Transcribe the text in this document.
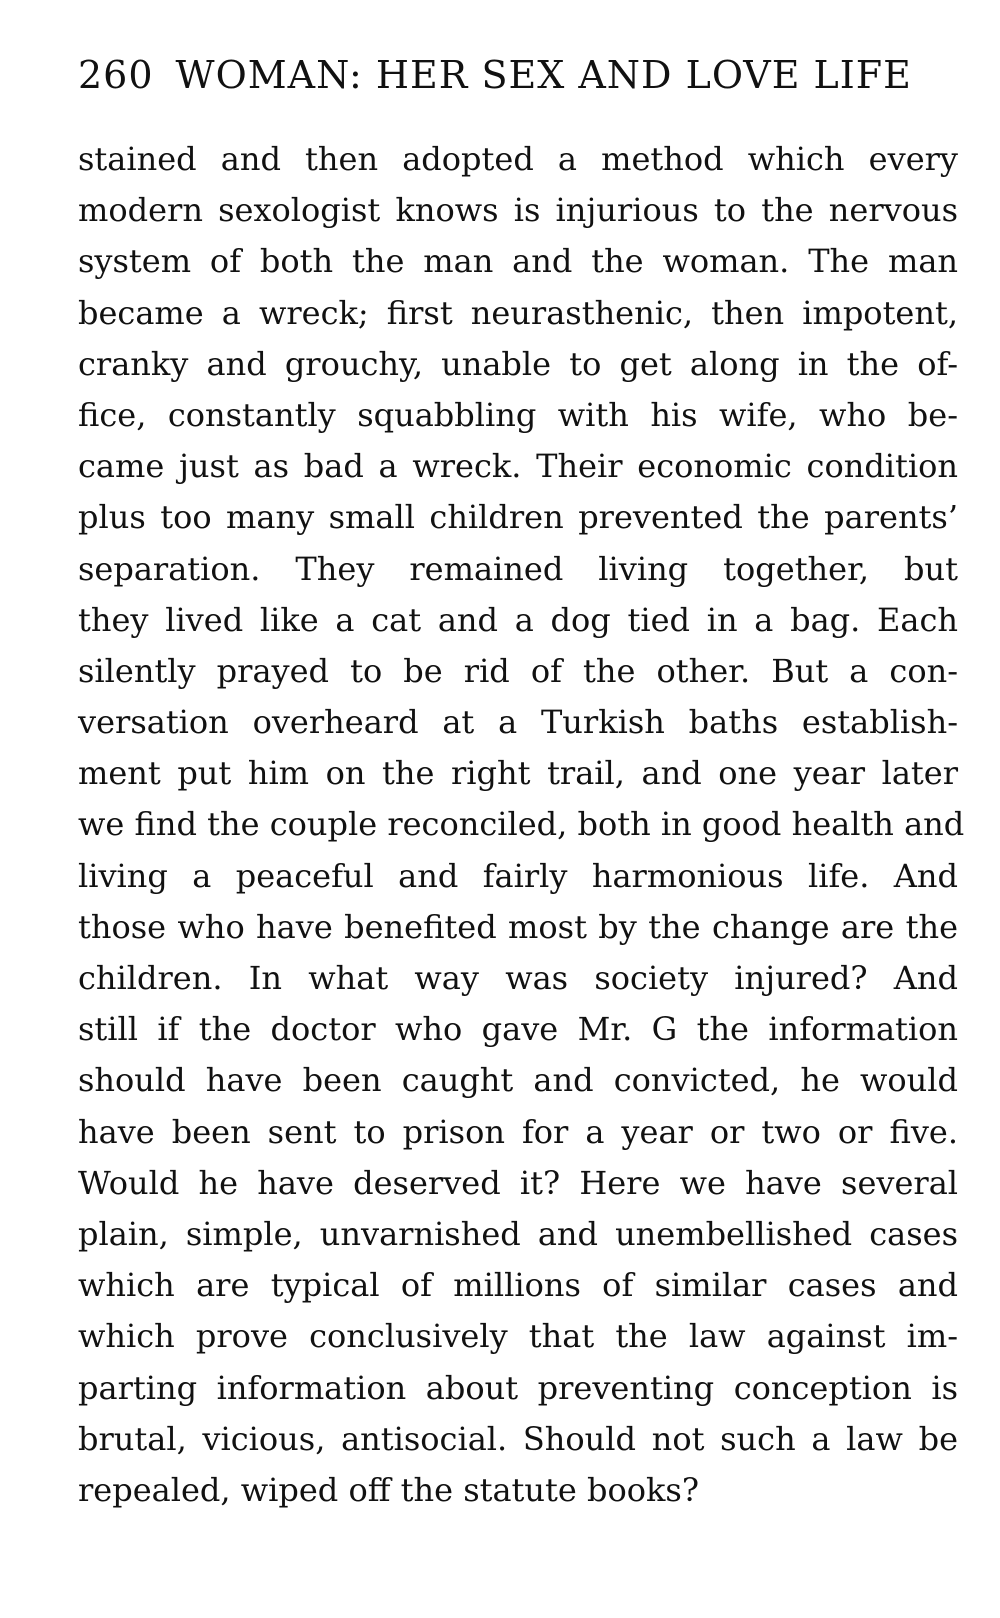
260 WOMAN: HER SEX AND LOVE LIFE
stained and then adopted a method which every
modern sexologist knows is injurious to the nervous
system of both the man and the woman. The man
became a wreck; first neurasthenic, then impotent,
cranky and grouchy, unable to get along in the of-
fice, constantly squabbling with his wife, who be-
came just as bad a wreck. Their economic condition
plus too many small children prevented the parents’
separation. They remained living together, but
they lived like a cat and a dog tied in a bag. Each
silently prayed to be rid of the other. But a con-
versation overheard at a Turkish baths establish-
ment put him on the right trail, and one year later
we find the couple reconciled, both in good health and
living a peaceful and fairly harmonious life. And
those who have benefited most by the change are the
children. In what way was society injured? And
still if the doctor who gave Mr. G the information
should have been caught and convicted, he would
have been sent to prison for a year or two or five.
Would he have deserved it? Here we have several
plain, simple, unvarnished and unembellished cases
which are typical of millions of similar cases and
which prove conclusively that the law against im-
parting information about preventing conception is
brutal, vicious, antisocial. Should not such a law be
repealed, wiped off the statute books?
